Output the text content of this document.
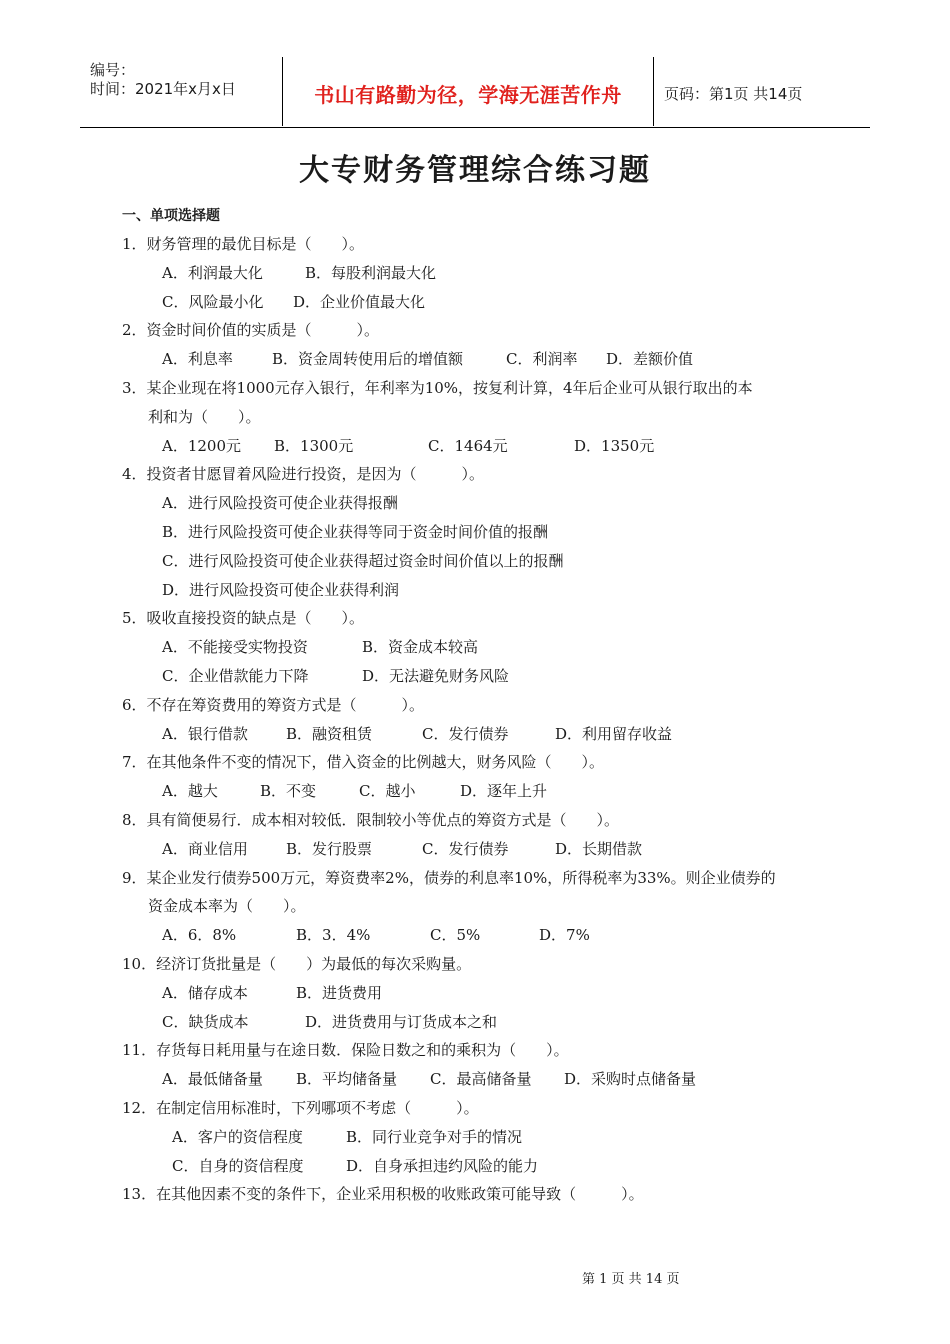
编号：
时间：2021年x月x日	书山有路勤为径，学海无涯苦作舟	页码：第1页 共14页
大专财务管理综合练习题
一、单项选择题
1．财务管理的最优目标是（　　）。
A．利润最大化	B．每股利润最大化
C．风险最小化 D．企业价值最大化
2．资金时间价值的实质是（　　　）。
A．利息率	B．资金周转使用后的增值额	C．利润率 D．差额价值
3．某企业现在将1000元存入银行，年利率为10%，按复利计算，4年后企业可从银行取出的本
利和为（　　）。
A．1200元 B．1300元	C．1464元	D．1350元
4．投资者甘愿冒着风险进行投资，是因为（　　　）。
A．进行风险投资可使企业获得报酬
B．进行风险投资可使企业获得等同于资金时间价值的报酬
C．进行风险投资可使企业获得超过资金时间价值以上的报酬
D．进行风险投资可使企业获得利润
5．吸收直接投资的缺点是（　　）。
A．不能接受实物投资	B．资金成本较高
C．企业借款能力下降	D．无法避免财务风险
6．不存在筹资费用的筹资方式是（　　　）。
A．银行借款	B．融资租赁	C．发行债券	D．利用留存收益
7．在其他条件不变的情况下，借入资金的比例越大，财务风险（　　）。
A．越大	B．不变	C．越小	D．逐年上升
8．具有简便易行．成本相对较低．限制较小等优点的筹资方式是（　　）。
A．商业信用	B．发行股票	C．发行债券	D．长期借款
9．某企业发行债券500万元，筹资费率2%，债券的利息率10%，所得税率为33%。则企业债券的
资金成本率为（　　）。
A．6．8%	B．3．4%	C．5%	D．7%
10．经济订货批量是（　　）为最低的每次采购量。
A．储存成本	B．进货费用
C．缺货成本	D．进货费用与订货成本之和
11．存货每日耗用量与在途日数．保险日数之和的乘积为（　　）。
A．最低储备量 B．平均储备量 C．最高储备量 D．采购时点储备量
12．在制定信用标准时，下列哪项不考虑（　　　）。
A．客户的资信程度	B．同行业竞争对手的情况
C．自身的资信程度	D．自身承担违约风险的能力
13．在其他因素不变的条件下，企业采用积极的收账政策可能导致（　　　）。
第 1 页 共 14 页
